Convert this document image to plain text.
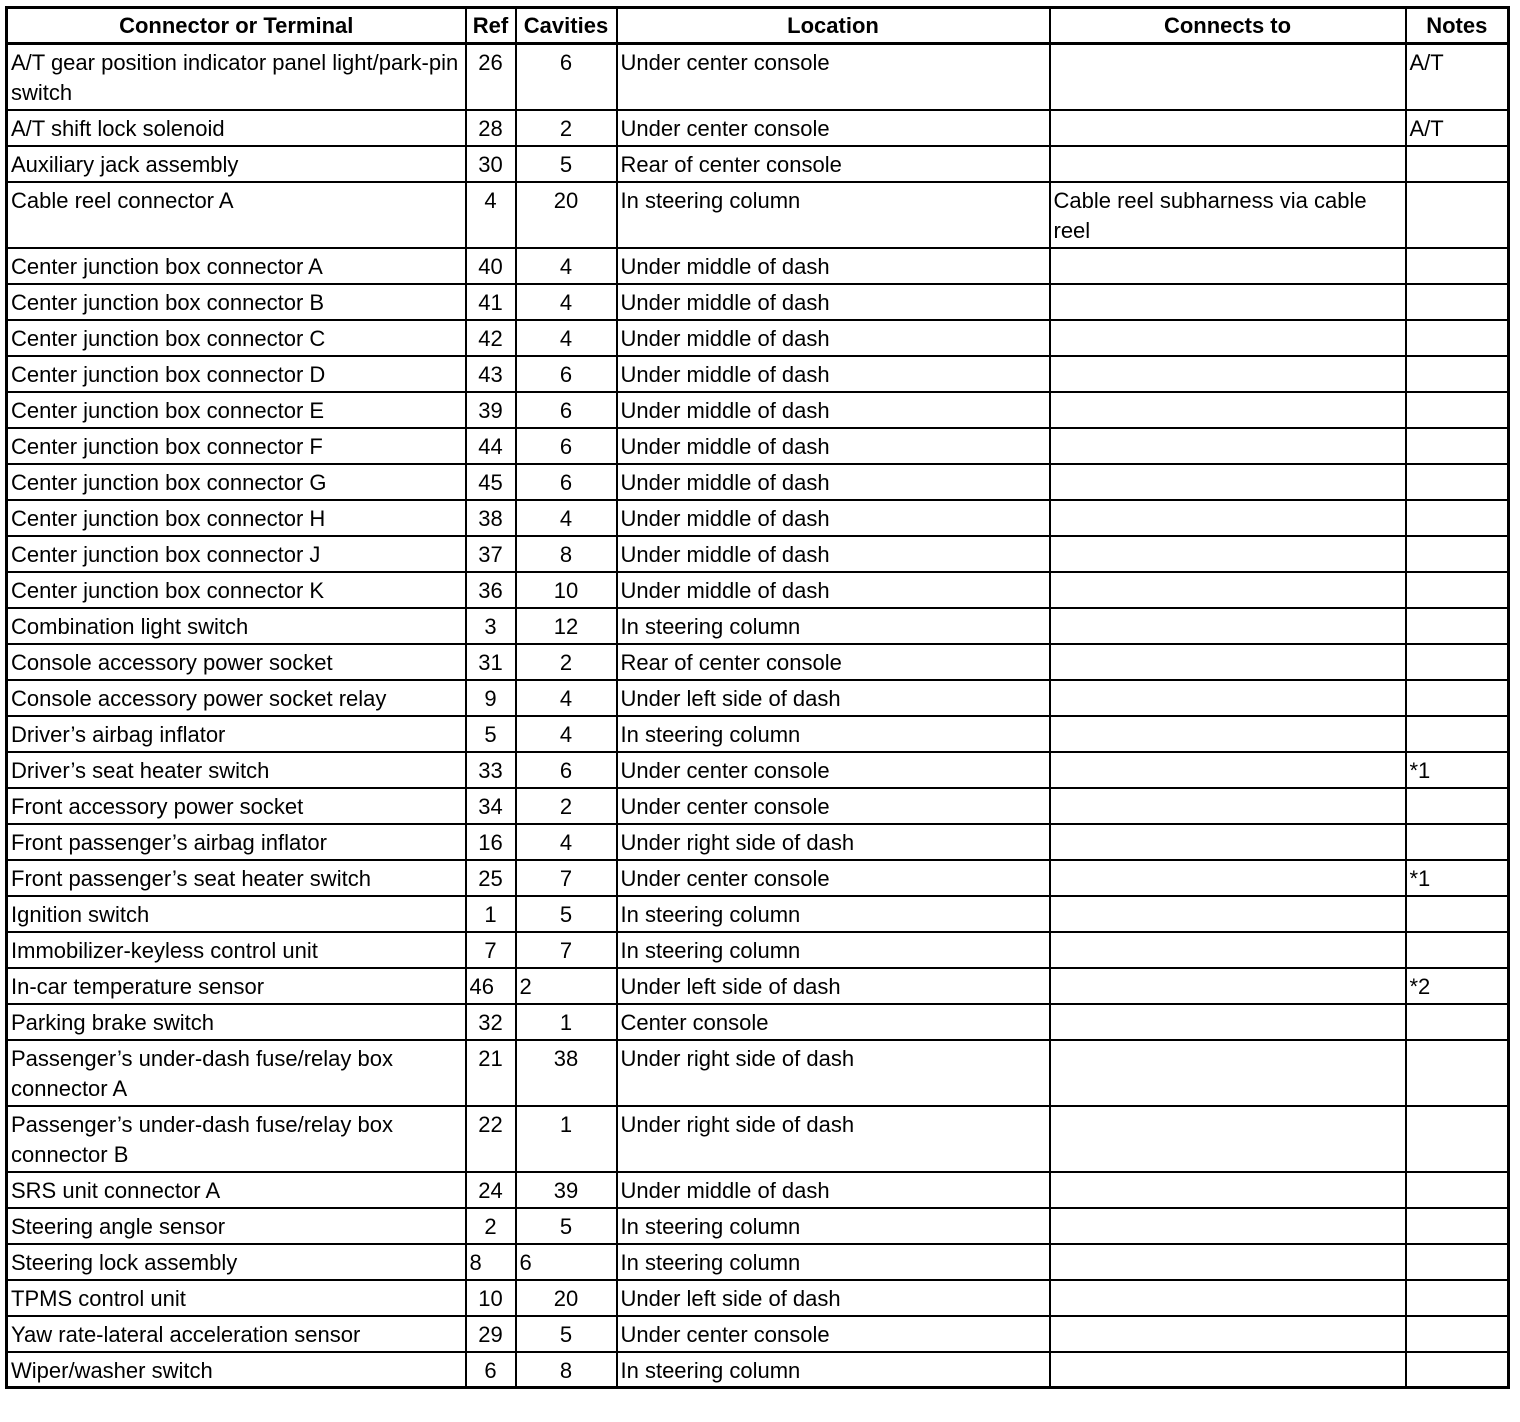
Connector or Terminal	Ref	Cavities	Location	Connects to	Notes
A/T gear position indicator panel light/park-pin switch	26	6	Under center console		A/T
A/T shift lock solenoid	28	2	Under center console		A/T
Auxiliary jack assembly	30	5	Rear of center console		
Cable reel connector A	4	20	In steering column	Cable reel subharness via cable reel	
Center junction box connector A	40	4	Under middle of dash		
Center junction box connector B	41	4	Under middle of dash		
Center junction box connector C	42	4	Under middle of dash		
Center junction box connector D	43	6	Under middle of dash		
Center junction box connector E	39	6	Under middle of dash		
Center junction box connector F	44	6	Under middle of dash		
Center junction box connector G	45	6	Under middle of dash		
Center junction box connector H	38	4	Under middle of dash		
Center junction box connector J	37	8	Under middle of dash		
Center junction box connector K	36	10	Under middle of dash		
Combination light switch	3	12	In steering column		
Console accessory power socket	31	2	Rear of center console		
Console accessory power socket relay	9	4	Under left side of dash		
Driver’s airbag inflator	5	4	In steering column		
Driver’s seat heater switch	33	6	Under center console		*1
Front accessory power socket	34	2	Under center console		
Front passenger’s airbag inflator	16	4	Under right side of dash		
Front passenger’s seat heater switch	25	7	Under center console		*1
Ignition switch	1	5	In steering column		
Immobilizer-keyless control unit	7	7	In steering column		
In-car temperature sensor	46	2	Under left side of dash		*2
Parking brake switch	32	1	Center console		
Passenger’s under-dash fuse/relay box connector A	21	38	Under right side of dash		
Passenger’s under-dash fuse/relay box connector B	22	1	Under right side of dash		
SRS unit connector A	24	39	Under middle of dash		
Steering angle sensor	2	5	In steering column		
Steering lock assembly	8	6	In steering column		
TPMS control unit	10	20	Under left side of dash		
Yaw rate-lateral acceleration sensor	29	5	Under center console		
Wiper/washer switch	6	8	In steering column		
